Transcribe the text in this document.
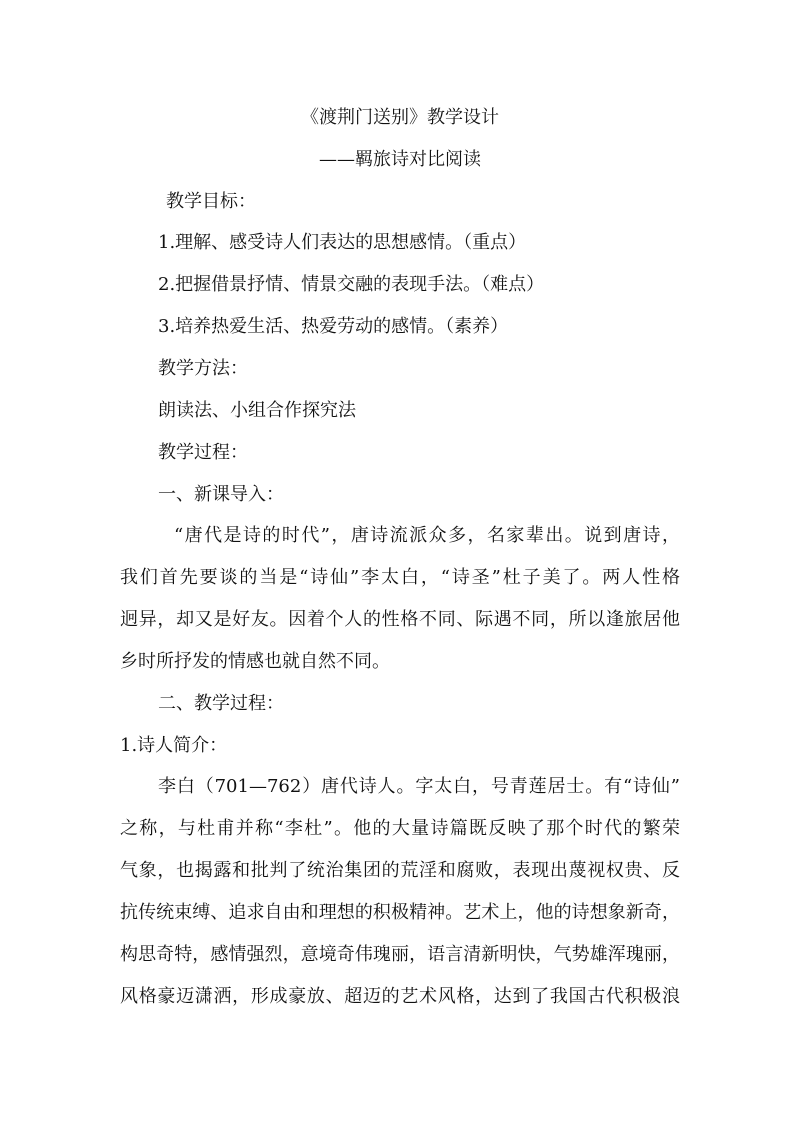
《渡荆门送别》教学设计
——羁旅诗对比阅读
教学目标：
1.理解、感受诗人们表达的思想感情。（重点）
2.把握借景抒情、情景交融的表现手法。（难点）
3.培养热爱生活、热爱劳动的感情。（素养）
教学方法：
朗读法、小组合作探究法
教学过程：
一、新课导入：
“唐代是诗的时代”，唐诗流派众多，名家辈出。说到唐诗，
我们首先要谈的当是“诗仙”李太白，“诗圣”杜子美了。两人性格
迥异，却又是好友。因着个人的性格不同、际遇不同，所以逢旅居他
乡时所抒发的情感也就自然不同。
二、教学过程：
1.诗人简介：
李白（701—762）唐代诗人。字太白，号青莲居士。有“诗仙”
之称，与杜甫并称“李杜”。他的大量诗篇既反映了那个时代的繁荣
气象，也揭露和批判了统治集团的荒淫和腐败，表现出蔑视权贵、反
抗传统束缚、追求自由和理想的积极精神。艺术上，他的诗想象新奇，
构思奇特，感情强烈，意境奇伟瑰丽，语言清新明快，气势雄浑瑰丽，
风格豪迈潇洒，形成豪放、超迈的艺术风格，达到了我国古代积极浪
